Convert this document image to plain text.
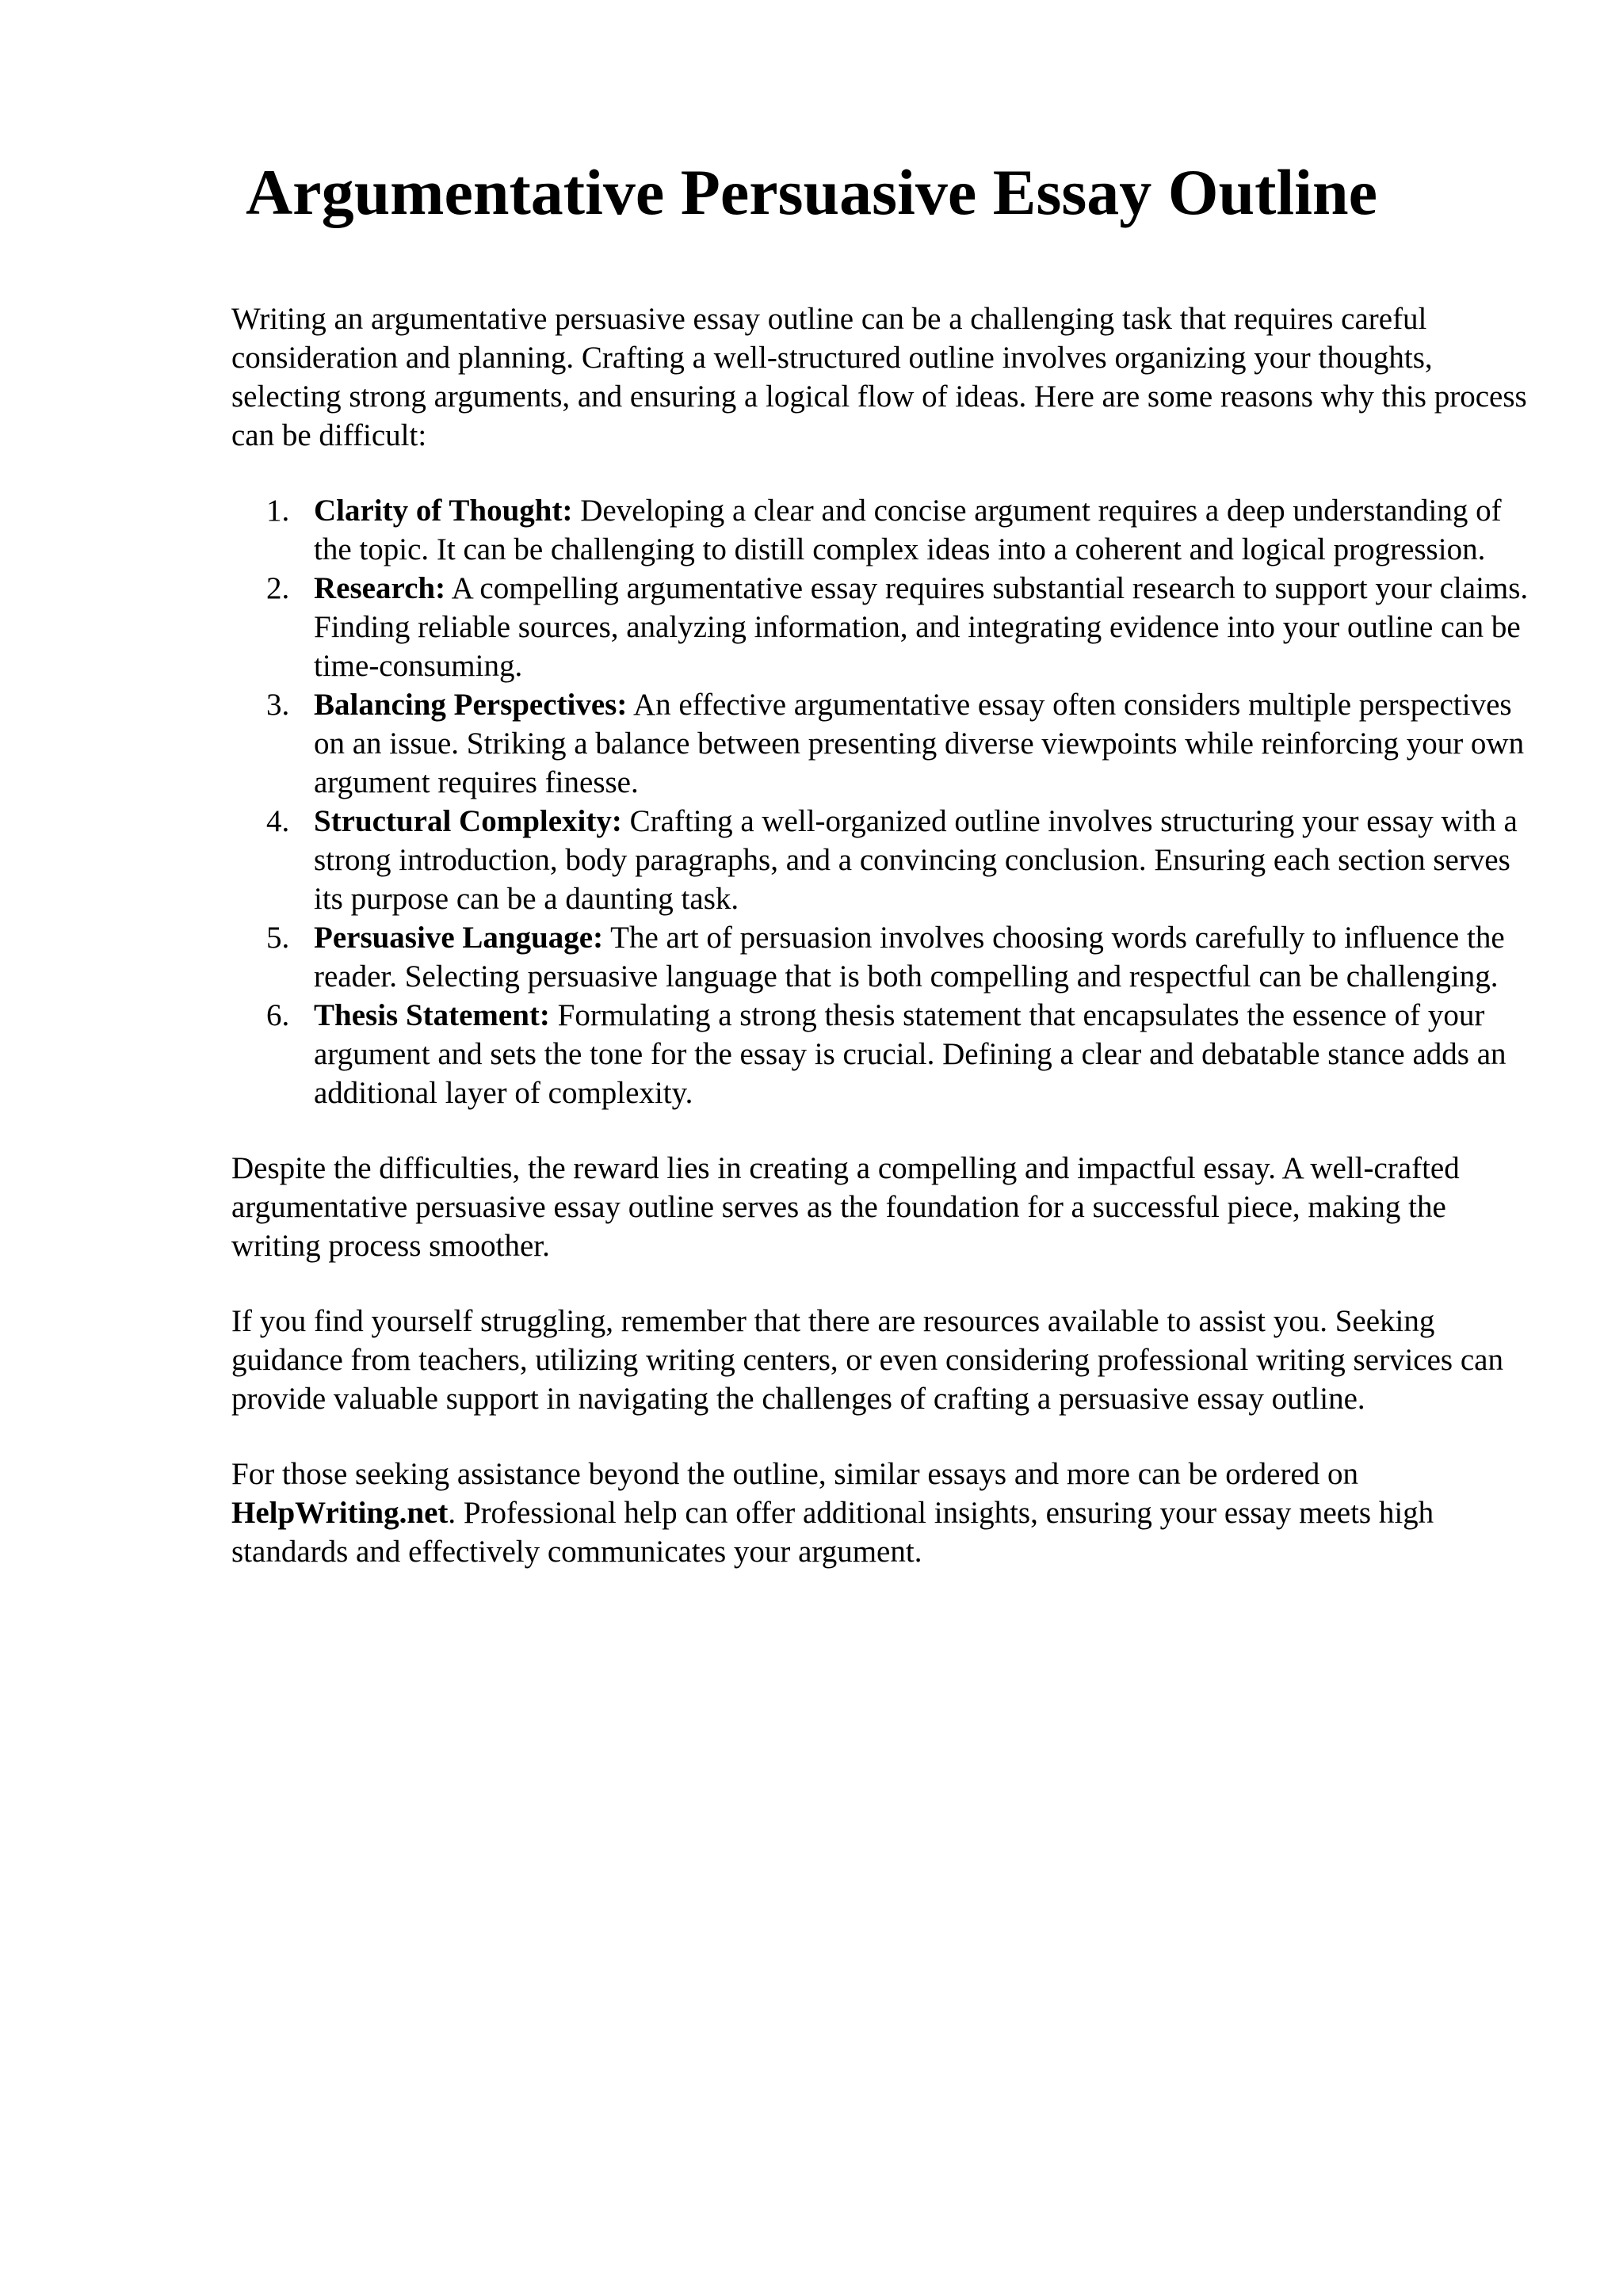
Argumentative Persuasive Essay Outline

Writing an argumentative persuasive essay outline can be a challenging task that requires careful consideration and planning. Crafting a well-structured outline involves organizing your thoughts, selecting strong arguments, and ensuring a logical flow of ideas. Here are some reasons why this process can be difficult:

1. Clarity of Thought: Developing a clear and concise argument requires a deep understanding of the topic. It can be challenging to distill complex ideas into a coherent and logical progression.
2. Research: A compelling argumentative essay requires substantial research to support your claims. Finding reliable sources, analyzing information, and integrating evidence into your outline can be time-consuming.
3. Balancing Perspectives: An effective argumentative essay often considers multiple perspectives on an issue. Striking a balance between presenting diverse viewpoints while reinforcing your own argument requires finesse.
4. Structural Complexity: Crafting a well-organized outline involves structuring your essay with a strong introduction, body paragraphs, and a convincing conclusion. Ensuring each section serves its purpose can be a daunting task.
5. Persuasive Language: The art of persuasion involves choosing words carefully to influence the reader. Selecting persuasive language that is both compelling and respectful can be challenging.
6. Thesis Statement: Formulating a strong thesis statement that encapsulates the essence of your argument and sets the tone for the essay is crucial. Defining a clear and debatable stance adds an additional layer of complexity.

Despite the difficulties, the reward lies in creating a compelling and impactful essay. A well-crafted argumentative persuasive essay outline serves as the foundation for a successful piece, making the writing process smoother.

If you find yourself struggling, remember that there are resources available to assist you. Seeking guidance from teachers, utilizing writing centers, or even considering professional writing services can provide valuable support in navigating the challenges of crafting a persuasive essay outline.

For those seeking assistance beyond the outline, similar essays and more can be ordered on HelpWriting.net. Professional help can offer additional insights, ensuring your essay meets high standards and effectively communicates your argument.
